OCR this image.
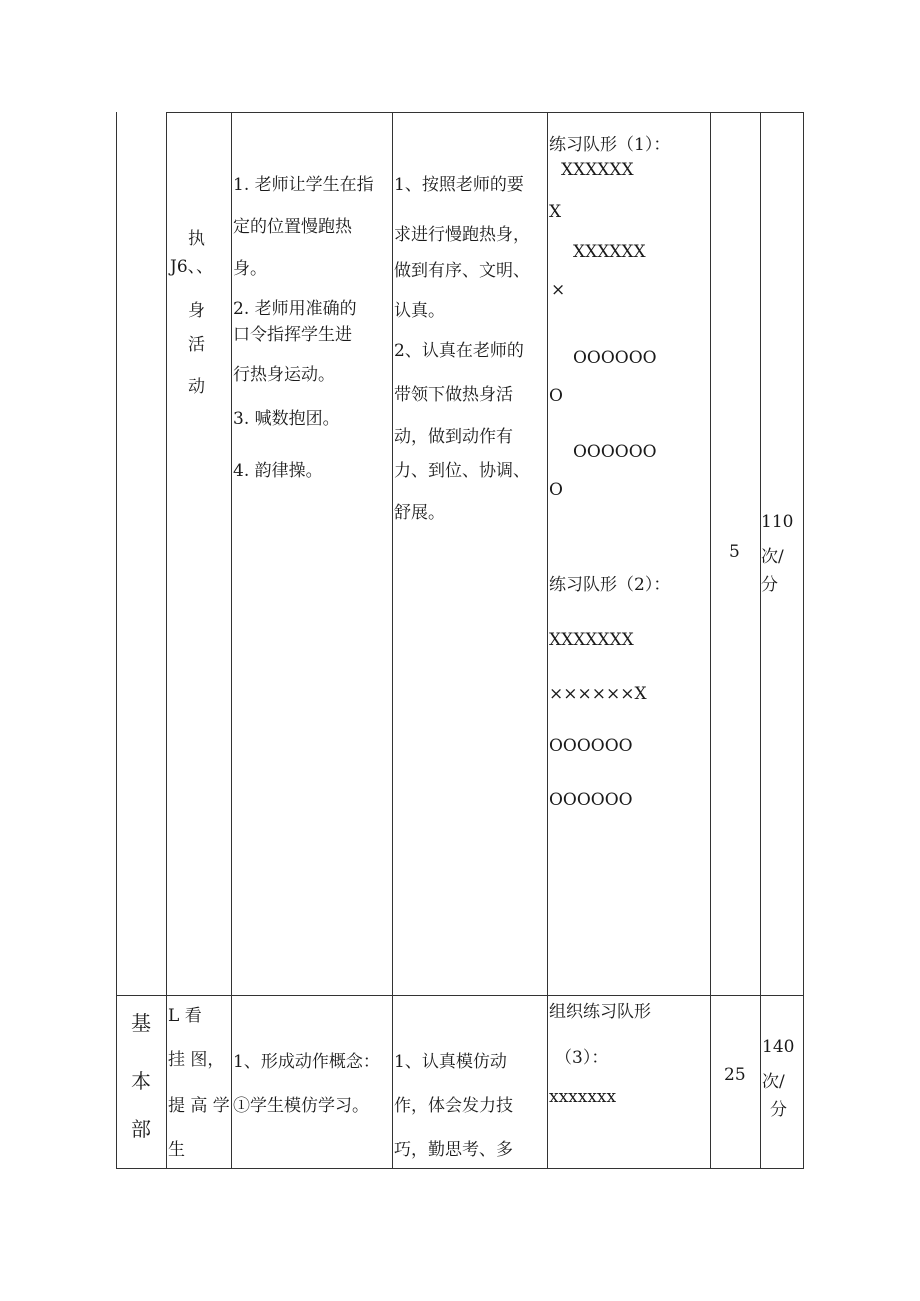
执
J6、、
身
活
动
1. 老师让学生在指
定的位置慢跑热
身。
2. 老师用准确的
口令指挥学生进
行热身运动。
3. 喊数抱团。
4. 韵律操。
1、按照老师的要
求进行慢跑热身，
做到有序、文明、
认真。
2、认真在老师的
带领下做热身活
动，做到动作有
力、到位、协调、
舒展。
练习队形（1）：
XXXXXX
X
XXXXXX
×
OOOOOO
O
OOOOOO
O
练习队形（2）：
XXXXXXX
××××××X
OOOOOO
OOOOOO
5
110
次/
分
基
本
部
L 看
挂 图，
提 高 学
生
1、形成动作概念：
①学生模仿学习。
1、认真模仿动
作，体会发力技
巧，勤思考、多
组织练习队形
（3）：
xxxxxxx
25
140
次/
分
